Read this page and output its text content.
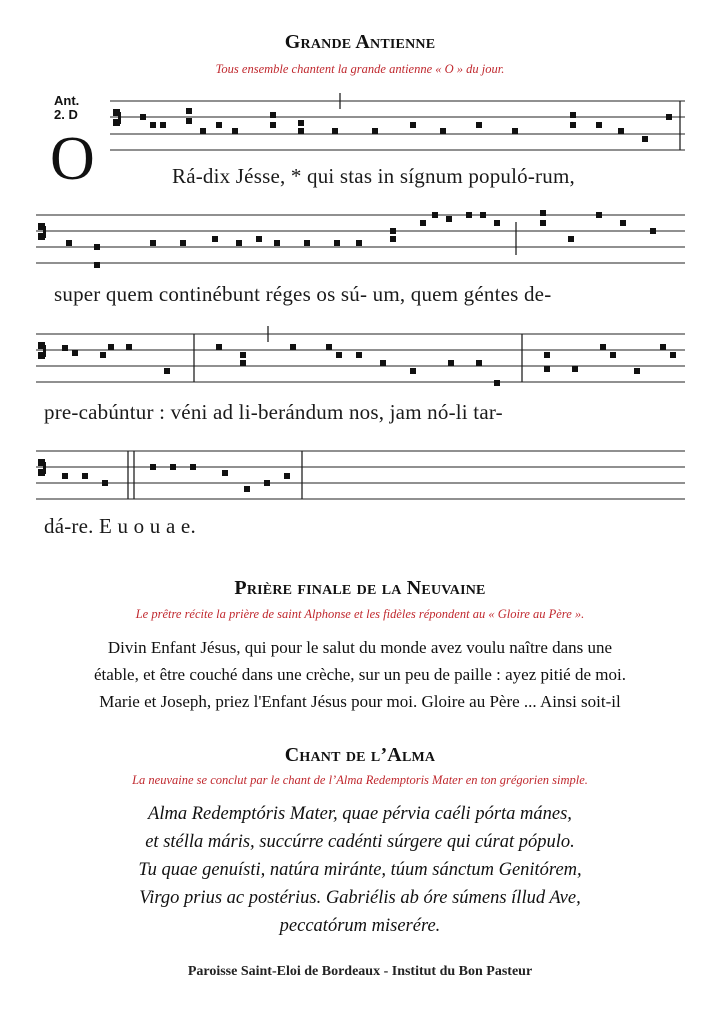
Grande Antienne
Tous ensemble chantent la grande antienne « O » du jour.
Ant.
2. D
O	Rá-dix Jésse, * qui stas in sígnum populó-rum,
super quem continébunt réges os sú- um, quem géntes de-
pre-cabúntur : véni ad li-berándum nos, jam nó-li tar-
dá-re. E u o u a e.
Prière finale de la Neuvaine
Le prêtre récite la prière de saint Alphonse et les fidèles répondent au « Gloire au Père ».
Divin Enfant Jésus, qui pour le salut du monde avez voulu naître dans une
étable, et être couché dans une crèche, sur un peu de paille : ayez pitié de moi.
Marie et Joseph, priez l'Enfant Jésus pour moi. Gloire au Père ... Ainsi soit-il
Chant de l’Alma
La neuvaine se conclut par le chant de l’Alma Redemptoris Mater en ton grégorien simple.
Alma Redemptóris Mater, quae pérvia caéli pórta mánes,
et stélla máris, succúrre cadénti súrgere qui cúrat pópulo.
Tu quae genuísti, natúra miránte, túum sánctum Genitórem,
Virgo prius ac postérius. Gabriélis ab óre súmens íllud Ave,
peccatórum miserére.
Paroisse Saint-Eloi de Bordeaux - Institut du Bon Pasteur
